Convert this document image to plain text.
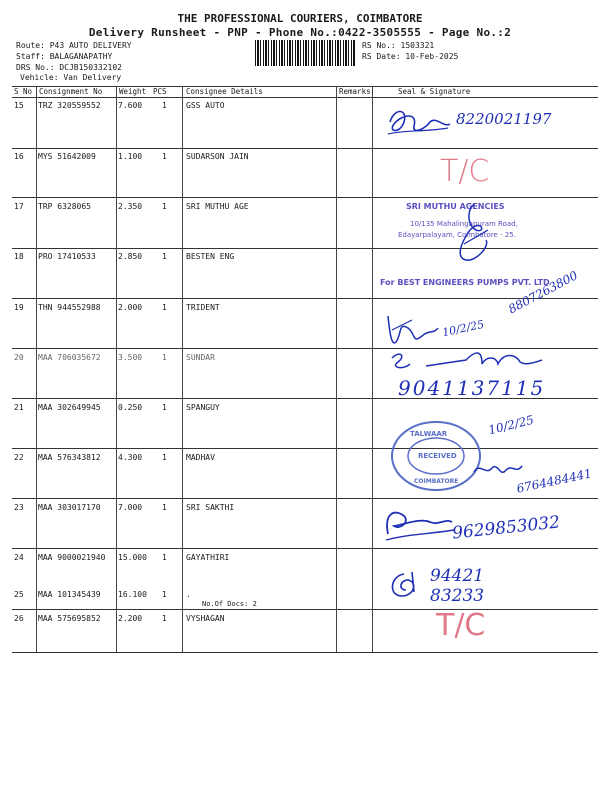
THE PROFESSIONAL COURIERS, COIMBATORE
Delivery Runsheet - PNP - Phone No.:0422-3505555 - Page No.:2
Route: P43 AUTO DELIVERY
Staff: BALAGANAPATHY
DRS No.: DCJB150332102
Vehicle: Van Delivery
RS No.: 1503321
RS Date: 10-Feb-2025
S No Consignment No Weight PCS	Consignee Details	Remarks	Seal & Signature
15 TRZ 320559552 7.600 1 GSS AUTO
16 MYS 51642009	1.100 1 SUDARSON JAIN
17 TRP 6328065	2.350 1 SRI MUTHU AGE
18 PRO 17410533	2.850 1 BESTEN ENG
19 THN 944552988 2.000 1 TRIDENT
20 MAA 706035672 3.500 1 SUNDAR
21 MAA 302649945 0.250 1 SPANGUY
22 MAA 576343812 4.300 1 MADHAV
23 MAA 303017170 7.000 1 SRI SAKTHI
24 MAA 9000021940 15.000 1 GAYATHIRI
25 MAA 101345439 16.100 1 .
No.Of Docs: 2
26 MAA 575695852 2.200 1 VYSHAGAN
8220021197
T/C
SRI MUTHU AGENCIES
10/135 Mahalingapuram Road,
Edayarpalayam, Coimbatore - 25.
For BEST ENGINEERS PUMPS PVT. LTD
10/2/25
8807263800
9041137115
TALWAAR
RECEIVED
COIMBATORE
10/2/25
6764484441
9629853032
94421 83233
T/C
